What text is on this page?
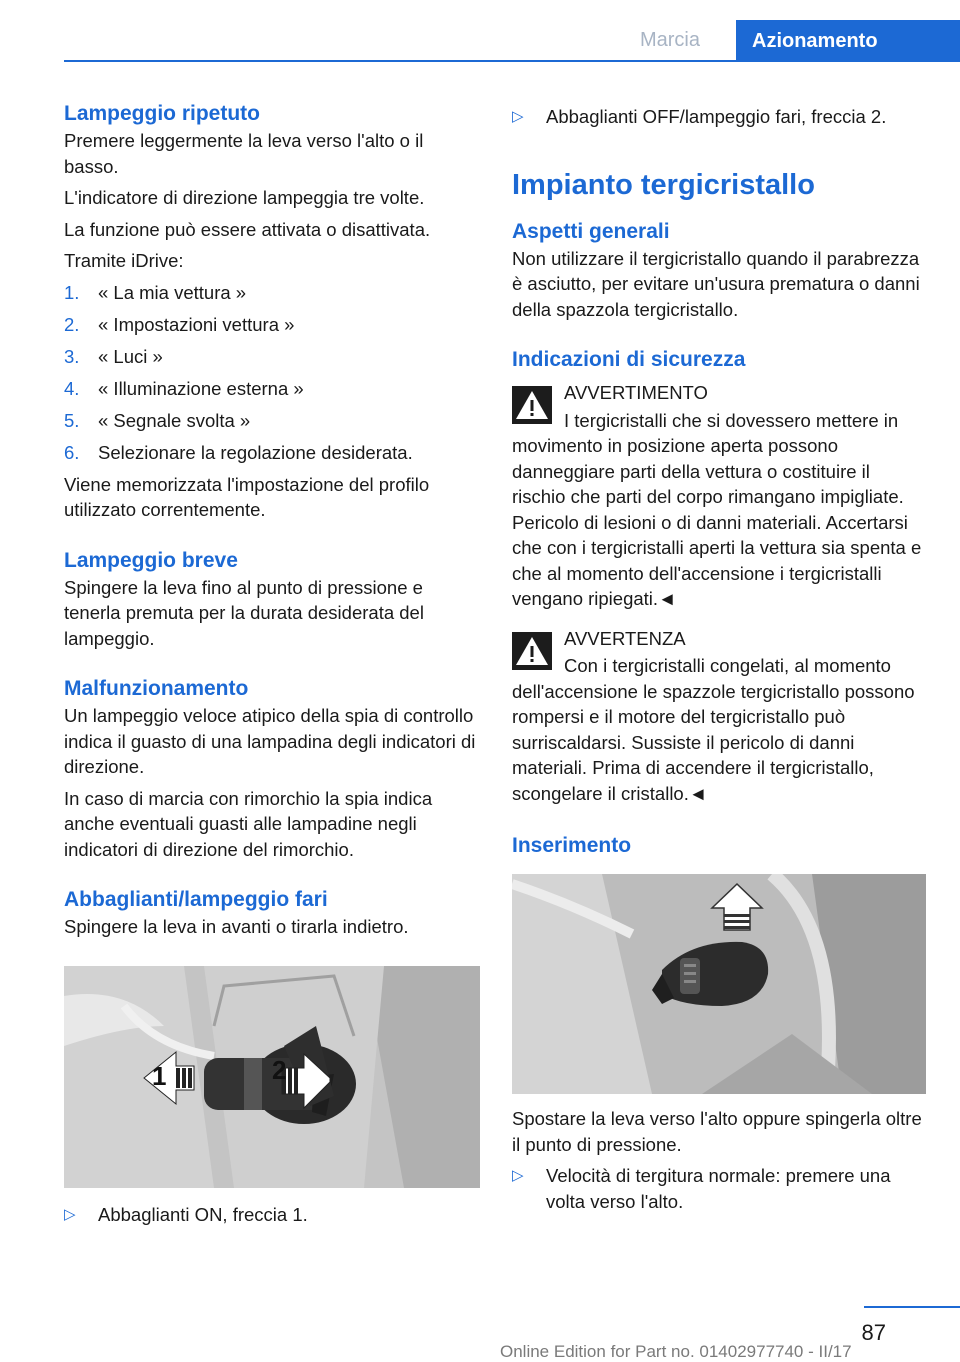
Marcia	Azionamento
Lampeggio ripetuto

Premere leggermente la leva verso l'alto o il basso.

L'indicatore di direzione lampeggia tre volte.

La funzione può essere attivata o disattivata.

Tramite iDrive:

1.	« La mia vettura »
2.	« Impostazioni vettura »
3.	« Luci »
4.	« Illuminazione esterna »
5.	« Segnale svolta »
6.	Selezionare la regolazione desiderata.

Viene memorizzata l'impostazione del profilo utilizzato correntemente.

Lampeggio breve

Spingere la leva fino al punto di pressione e tenerla premuta per la durata desiderata del lampeggio.

Malfunzionamento

Un lampeggio veloce atipico della spia di controllo indica il guasto di una lampadina degli indicatori di direzione.

In caso di marcia con rimorchio la spia indica anche eventuali guasti alle lampadine negli indicatori di direzione del rimorchio.

Abbaglianti/lampeggio fari

Spingere la leva in avanti o tirarla indietro.

1	2
▷	Abbaglianti ON, freccia 1.
▷	Abbaglianti OFF/lampeggio fari, freccia 2.
Impianto tergicristallo
Aspetti generali

Non utilizzare il tergicristallo quando il parabrezza è asciutto, per evitare un'usura prematura o danni della spazzola tergicristallo.

Indicazioni di sicurezza

AVVERTIMENTO

I tergicristalli che si dovessero mettere in movimento in posizione aperta possono danneggiare parti della vettura o costituire il rischio che parti del corpo rimangano impigliate. Pericolo di lesioni o di danni materiali. Accertarsi che con i tergicristalli aperti la vettura sia spenta e che al momento dell'accensione i tergicristalli vengano ripiegati.◄

AVVERTENZA

Con i tergicristalli congelati, al momento dell'accensione le spazzole tergicristallo possono rompersi e il motore del tergicristallo può surriscaldarsi. Sussiste il pericolo di danni materiali. Prima di accendere il tergicristallo, scongelare il cristallo.◄

Inserimento

Spostare la leva verso l'alto oppure spingerla oltre il punto di pressione.

▷	Velocità di tergitura normale: premere una volta verso l'alto.
87
Online Edition for Part no. 01402977740 - II/17
